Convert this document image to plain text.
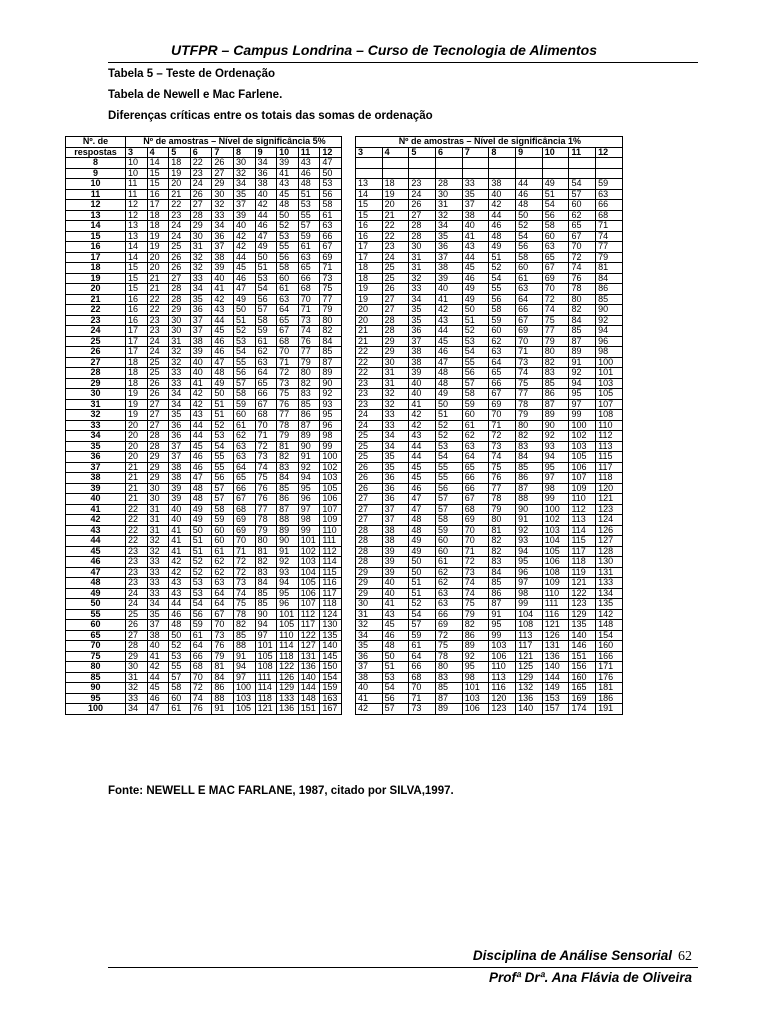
UTFPR – Campus Londrina – Curso de Tecnologia de Alimentos
Tabela 5 – Teste de Ordenação
Tabela de Newell e Mac Farlene.
Diferenças críticas entre os totais das somas de ordenação
Nº. de	Nº de amostras – Nível de significância 5%											Nº de amostras – Nível de significância 1%									
respostas	3	4	5	6	7	8	9	10	11	12		3	4	5	6	7	8	9	10	11	12
8	10	14	18	22	26	30	34	39	43	47											
9	10	15	19	23	27	32	36	41	46	50											
10	11	15	20	24	29	34	38	43	48	53		13	18	23	28	33	38	44	49	54	59
11	11	16	21	26	30	35	40	45	51	56		14	19	24	30	35	40	46	51	57	63
12	12	17	22	27	32	37	42	48	53	58		15	20	26	31	37	42	48	54	60	66
13	12	18	23	28	33	39	44	50	55	61		15	21	27	32	38	44	50	56	62	68
14	13	18	24	29	34	40	46	52	57	63		16	22	28	34	40	46	52	58	65	71
15	13	19	24	30	36	42	47	53	59	66		16	22	28	35	41	48	54	60	67	74
16	14	19	25	31	37	42	49	55	61	67		17	23	30	36	43	49	56	63	70	77
17	14	20	26	32	38	44	50	56	63	69		17	24	31	37	44	51	58	65	72	79
18	15	20	26	32	39	45	51	58	65	71		18	25	31	38	45	52	60	67	74	81
19	15	21	27	33	40	46	53	60	66	73		18	25	32	39	46	54	61	69	76	84
20	15	21	28	34	41	47	54	61	68	75		19	26	33	40	49	55	63	70	78	86
21	16	22	28	35	42	49	56	63	70	77		19	27	34	41	49	56	64	72	80	85
22	16	22	29	36	43	50	57	64	71	79		20	27	35	42	50	58	66	74	82	90
23	16	23	30	37	44	51	58	65	73	80		20	28	35	43	51	59	67	75	84	92
24	17	23	30	37	45	52	59	67	74	82		21	28	36	44	52	60	69	77	85	94
25	17	24	31	38	46	53	61	68	76	84		21	29	37	45	53	62	70	79	87	96
26	17	24	32	39	46	54	62	70	77	85		22	29	38	46	54	63	71	80	89	98
27	18	25	32	40	47	55	63	71	79	87		22	30	38	47	55	64	73	82	91	100
28	18	25	33	40	48	56	64	72	80	89		22	31	39	48	56	65	74	83	92	101
29	18	26	33	41	49	57	65	73	82	90		23	31	40	48	57	66	75	85	94	103
30	19	26	34	42	50	58	66	75	83	92		23	32	40	49	58	67	77	86	95	105
31	19	27	34	42	51	59	67	76	85	93		23	32	41	50	59	69	78	87	97	107
32	19	27	35	43	51	60	68	77	86	95		24	33	42	51	60	70	79	89	99	108
33	20	27	36	44	52	61	70	78	87	96		24	33	42	52	61	71	80	90	100	110
34	20	28	36	44	53	62	71	79	89	98		25	34	43	52	62	72	82	92	102	112
35	20	28	37	45	54	63	72	81	90	99		25	34	44	53	63	73	83	93	103	113
36	20	29	37	46	55	63	73	82	91	100		25	35	44	54	64	74	84	94	105	115
37	21	29	38	46	55	64	74	83	92	102		26	35	45	55	65	75	85	95	106	117
38	21	29	38	47	56	65	75	84	94	103		26	36	45	55	66	76	86	97	107	118
39	21	30	39	48	57	66	76	85	95	105		26	36	46	56	66	77	87	98	109	120
40	21	30	39	48	57	67	76	86	96	106		27	36	47	57	67	78	88	99	110	121
41	22	31	40	49	58	68	77	87	97	107		27	37	47	57	68	79	90	100	112	123
42	22	31	40	49	59	69	78	88	98	109		27	37	48	58	69	80	91	102	113	124
43	22	31	41	50	60	69	79	89	99	110		28	38	48	59	70	81	92	103	114	126
44	22	32	41	51	60	70	80	90	101	111		28	38	49	60	70	82	93	104	115	127
45	23	32	41	51	61	71	81	91	102	112		28	39	49	60	71	82	94	105	117	128
46	23	33	42	52	62	72	82	92	103	114		28	39	50	61	72	83	95	106	118	130
47	23	33	42	52	62	72	83	93	104	115		29	39	50	62	73	84	96	108	119	131
48	23	33	43	53	63	73	84	94	105	116		29	40	51	62	74	85	97	109	121	133
49	24	33	43	53	64	74	85	95	106	117		29	40	51	63	74	86	98	110	122	134
50	24	34	44	54	64	75	85	96	107	118		30	41	52	63	75	87	99	111	123	135
55	25	35	46	56	67	78	90	101	112	124		31	43	54	66	79	91	104	116	129	142
60	26	37	48	59	70	82	94	105	117	130		32	45	57	69	82	95	108	121	135	148
65	27	38	50	61	73	85	97	110	122	135		34	46	59	72	86	99	113	126	140	154
70	28	40	52	64	76	88	101	114	127	140		35	48	61	75	89	103	117	131	146	160
75	29	41	53	66	79	91	105	118	131	145		36	50	64	78	92	106	121	136	151	166
80	30	42	55	68	81	94	108	122	136	150		37	51	66	80	95	110	125	140	156	171
85	31	44	57	70	84	97	111	126	140	154		38	53	68	83	98	113	129	144	160	176
90	32	45	58	72	86	100	114	129	144	159		40	54	70	85	101	116	132	149	165	181
95	33	46	60	74	88	103	118	133	148	163		41	56	71	87	103	120	136	153	169	186
100	34	47	61	76	91	105	121	136	151	167		42	57	73	89	106	123	140	157	174	191
Fonte: NEWELL E MAC FARLANE, 1987, citado por SILVA,1997.
Disciplina de Análise Sensorial 62
Profª Drª. Ana Flávia de Oliveira
